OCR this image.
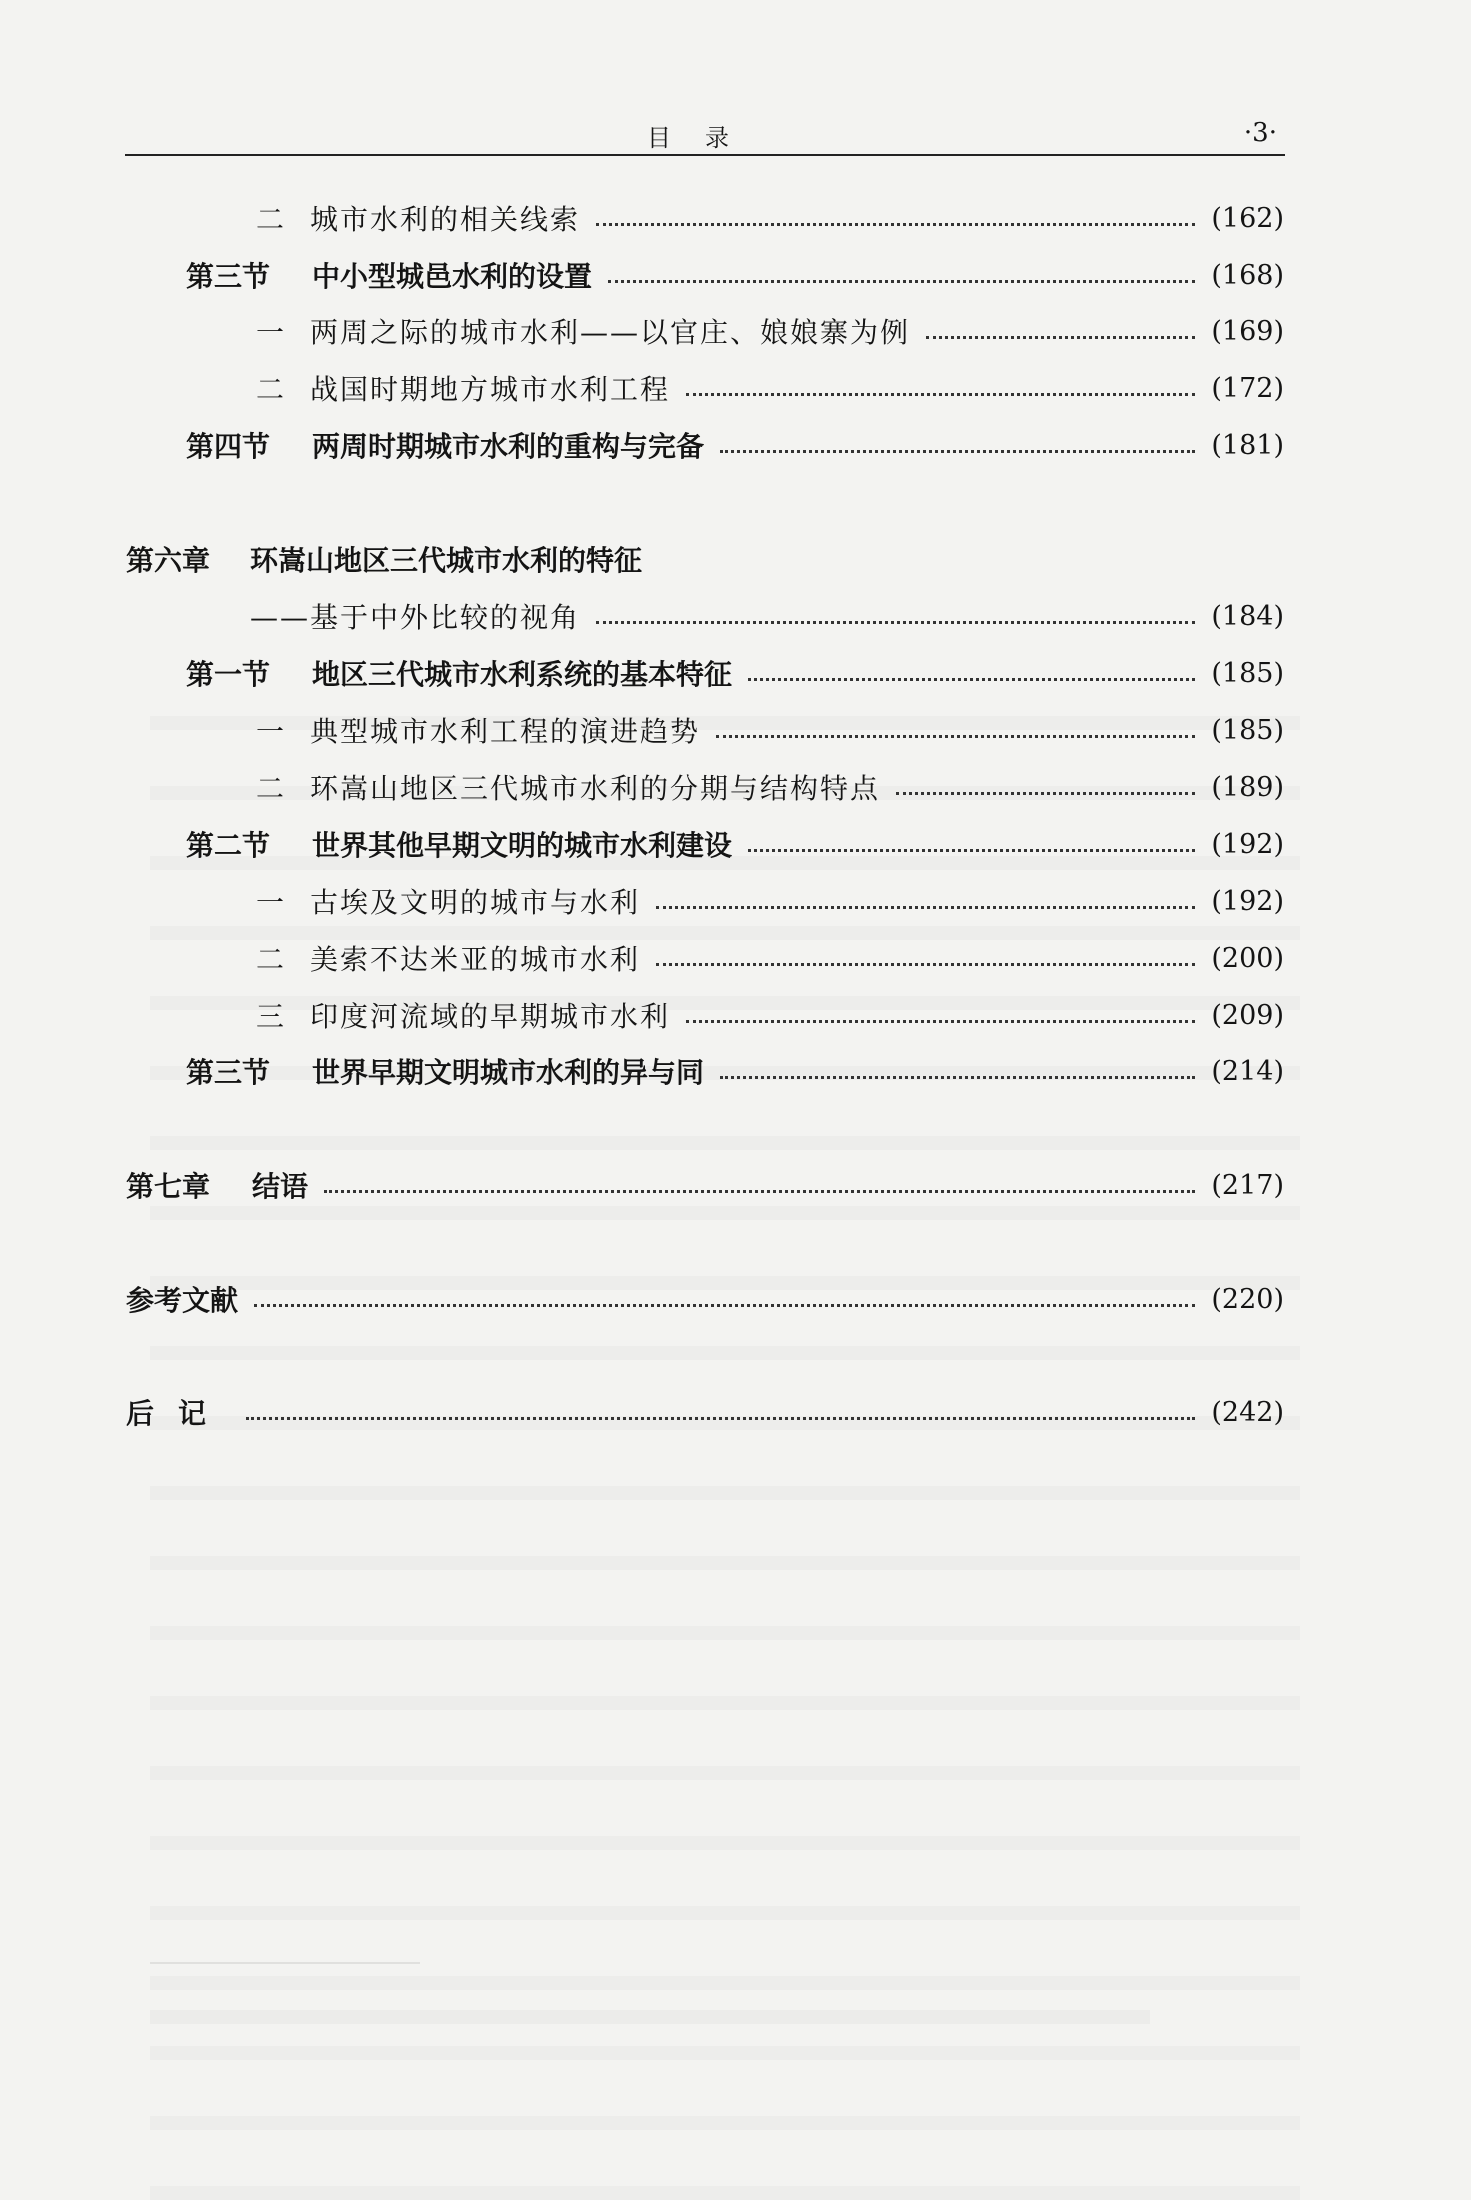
目录	·3·
二 城市水利的相关线索	(162)
第三节	中小型城邑水利的设置	(168)
一 两周之际的城市水利——以官庄、娘娘寨为例	(169)
二 战国时期地方城市水利工程	(172)
第四节	两周时期城市水利的重构与完备	(181)
第六章	环嵩山地区三代城市水利的特征
——基于中外比较的视角	(184)
第一节	地区三代城市水利系统的基本特征	(185)
一 典型城市水利工程的演进趋势	(185)
二 环嵩山地区三代城市水利的分期与结构特点	(189)
第二节	世界其他早期文明的城市水利建设	(192)
一 古埃及文明的城市与水利	(192)
二 美索不达米亚的城市水利	(200)
三 印度河流域的早期城市水利	(209)
第三节	世界早期文明城市水利的异与同	(214)
第七章	结语	(217)
参考文献	(220)
后记	(242)
